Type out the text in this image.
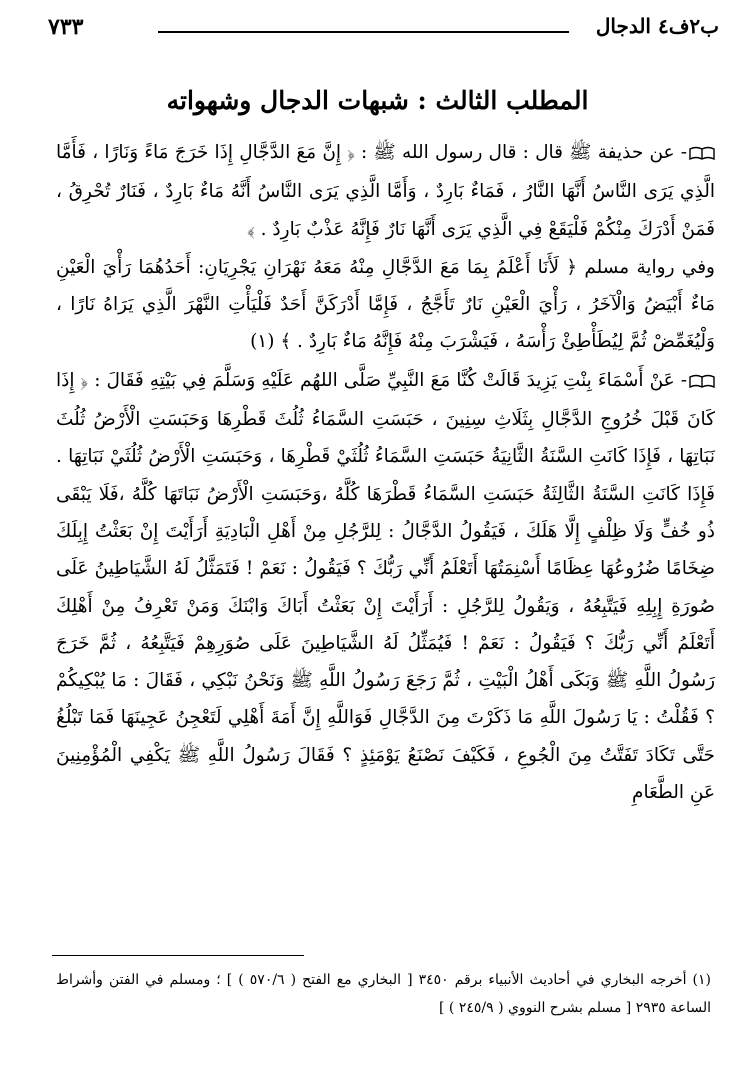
ب٢ف٤ الدجال
٧٣٣
المطلب الثالث : شبهات الدجال وشهواته

- عن حذيفة ﷺ قال : قال رسول الله ﷺ : ﴿ إِنَّ مَعَ الدَّجَّالِ إِذَا خَرَجَ مَاءً وَنَارًا ، فَأَمَّا الَّذِي يَرَى النَّاسُ أَنَّهَا النَّارُ ، فَمَاءٌ بَارِدٌ ، وَأَمَّا الَّذِي يَرَى النَّاسُ أَنَّهُ مَاءٌ بَارِدٌ ، فَنَارٌ تُحْرِقُ ، فَمَنْ أَدْرَكَ مِنْكُمْ فَلْيَقَعْ فِي الَّذِي يَرَى أَنَّهَا نَارٌ فَإِنَّهُ عَذْبٌ بَارِدٌ . ﴾

وفي رواية مسلم ﴿ لَأَنَا أَعْلَمُ بِمَا مَعَ الدَّجَّالِ مِنْهُ مَعَهُ نَهْرَانِ يَجْرِيَانِ: أَحَدُهُمَا رَأْيَ الْعَيْنِ مَاءٌ أَبْيَضُ وَالْآخَرُ ، رَأْيَ الْعَيْنِ نَارٌ تَأَجَّجُ ، فَإِمَّا أَدْرَكَنَّ أَحَدٌ فَلْيَأْتِ النَّهْرَ الَّذِي يَرَاهُ نَارًا ، وَلْيُغَمِّضْ ثُمَّ لِيُطَأْطِئْ رَأْسَهُ ، فَيَشْرَبَ مِنْهُ فَإِنَّهُ مَاءٌ بَارِدٌ . ﴾ (١)

- عَنْ أَسْمَاءَ بِنْتِ يَزِيدَ قَالَتْ كُنَّا مَعَ النَّبِيِّ صَلَّى اللهُم عَلَيْهِ وَسَلَّمَ فِي بَيْتِهِ فَقَالَ : ﴿ إِذَا كَانَ قَبْلَ خُرُوجِ الدَّجَّالِ بِثَلَاثِ سِنِينَ ، حَبَسَتِ السَّمَاءُ ثُلُثَ قَطْرِهَا وَحَبَسَتِ الْأَرْضُ ثُلُثَ نَبَاتِهَا ، فَإِذَا كَانَتِ السَّنَةُ الثَّانِيَةُ حَبَسَتِ السَّمَاءُ ثُلُثَيْ قَطْرِهَا ، وَحَبَسَتِ الْأَرْضُ ثُلُثَيْ نَبَاتِهَا . فَإِذَا كَانَتِ السَّنَةُ الثَّالِثَةُ حَبَسَتِ السَّمَاءُ قَطْرَهَا كُلَّهُ ،وَحَبَسَتِ الْأَرْضُ نَبَاتَهَا كُلَّهُ ،فَلَا يَبْقَى ذُو خُفٍّ وَلَا ظِلْفٍ إِلَّا هَلَكَ ، فَيَقُولُ الدَّجَّالُ : لِلرَّجُلِ مِنْ أَهْلِ الْبَادِيَةِ أَرَأَيْتَ إِنْ بَعَثْتُ إِبِلَكَ ضِخَامًا ضُرُوعُهَا عِظَامًا أَسْنِمَتُهَا أَتَعْلَمُ أَنِّي رَبُّكَ ؟ فَيَقُولُ : نَعَمْ ! فَتَمَثَّلُ لَهُ الشَّيَاطِينُ عَلَى صُورَةِ إِبِلِهِ فَيَتَّبِعُهُ ، وَيَقُولُ لِلرَّجُلِ : أَرَأَيْتَ إِنْ بَعَثْتُ أَبَاكَ وَابْنَكَ وَمَنْ تَعْرِفُ مِنْ أَهْلِكَ أَتَعْلَمُ أَنِّي رَبُّكَ ؟ فَيَقُولُ : نَعَمْ ! فَيُمَثِّلُ لَهُ الشَّيَاطِينَ عَلَى صُوَرِهِمْ فَيَتَّبِعُهُ ، ثُمَّ خَرَجَ رَسُولُ اللَّهِ ﷺ وَبَكَى أَهْلُ الْبَيْتِ ، ثُمَّ رَجَعَ رَسُولُ اللَّهِ ﷺ وَنَحْنُ نَبْكِي ، فَقَالَ : مَا يُبْكِيكُمْ ؟ فَقُلْتُ : يَا رَسُولَ اللَّهِ مَا ذَكَرْتَ مِنَ الدَّجَّالِ فَوَاللَّهِ إِنَّ أَمَةَ أَهْلِي لَتَعْجِنُ عَجِينَهَا فَمَا تَبْلُغُ حَتَّى تَكَادَ تَفَتَّتُ مِنَ الْجُوعِ ، فَكَيْفَ نَصْنَعُ يَوْمَئِذٍ ؟ فَقَالَ رَسُولُ اللَّهِ ﷺ يَكْفِي الْمُؤْمِنِينَ عَنِ الطَّعَامِ

(١) أخرجه البخاري في أحاديث الأنبياء برقم ٣٤٥٠ [ البخاري مع الفتح ( ٥٧٠/٦ ) ] ؛ ومسلم في الفتن وأشراط الساعة ٢٩٣٥ [ مسلم بشرح النووي ( ٢٤٥/٩ ) ]
